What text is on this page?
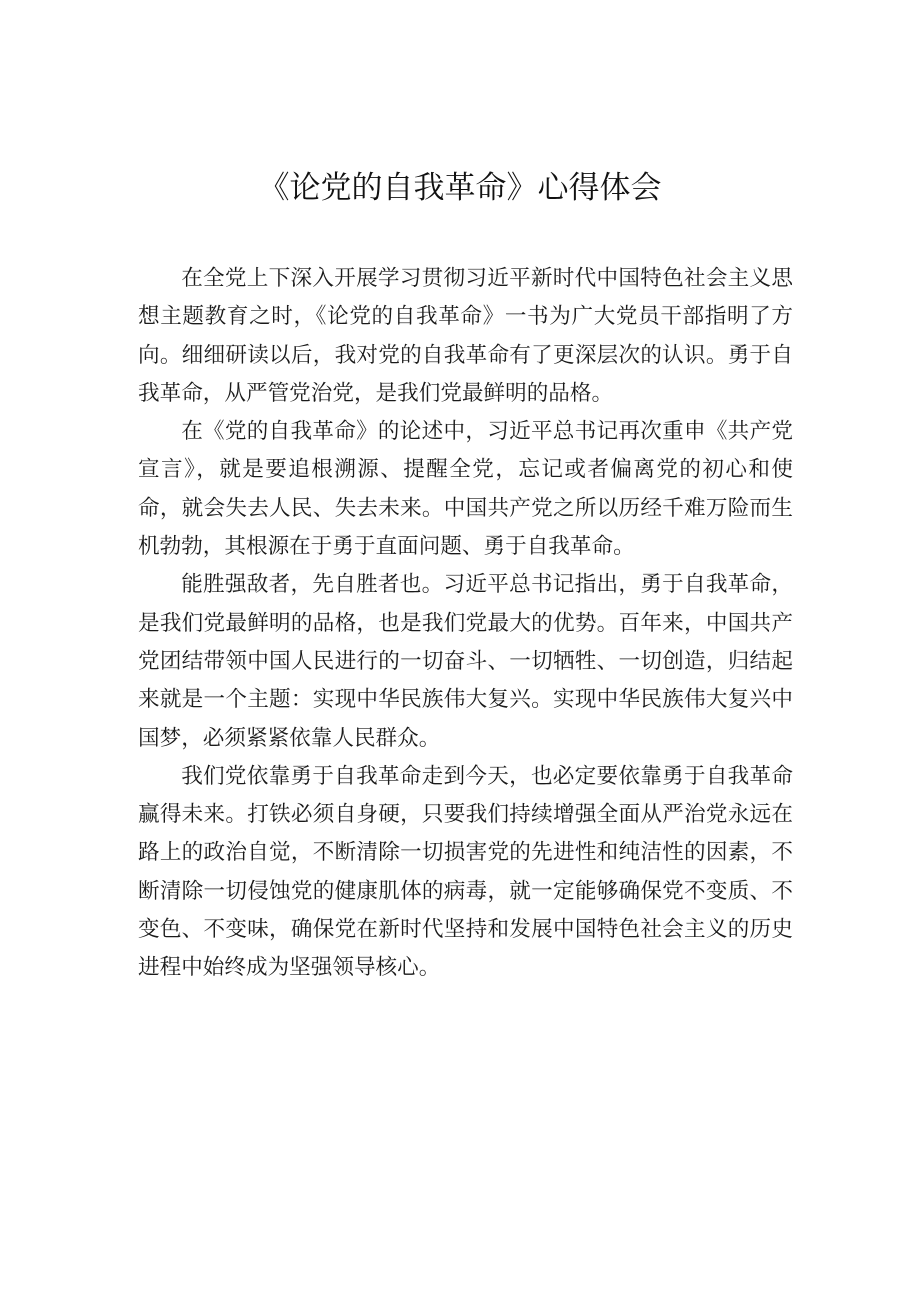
《论党的自我革命》心得体会

在全党上下深入开展学习贯彻习近平新时代中国特色社会主义思想主题教育之时，《论党的自我革命》一书为广大党员干部指明了方向。细细研读以后，我对党的自我革命有了更深层次的认识。勇于自我革命，从严管党治党，是我们党最鲜明的品格。

在《党的自我革命》的论述中，习近平总书记再次重申《共产党宣言》，就是要追根溯源、提醒全党，忘记或者偏离党的初心和使命，就会失去人民、失去未来。中国共产党之所以历经千难万险而生机勃勃，其根源在于勇于直面问题、勇于自我革命。

能胜强敌者，先自胜者也。习近平总书记指出，勇于自我革命，是我们党最鲜明的品格，也是我们党最大的优势。百年来，中国共产党团结带领中国人民进行的一切奋斗、一切牺牲、一切创造，归结起来就是一个主题：实现中华民族伟大复兴。实现中华民族伟大复兴中国梦，必须紧紧依靠人民群众。

我们党依靠勇于自我革命走到今天，也必定要依靠勇于自我革命赢得未来。打铁必须自身硬，只要我们持续增强全面从严治党永远在路上的政治自觉，不断清除一切损害党的先进性和纯洁性的因素，不断清除一切侵蚀党的健康肌体的病毒，就一定能够确保党不变质、不变色、不变味，确保党在新时代坚持和发展中国特色社会主义的历史进程中始终成为坚强领导核心。
